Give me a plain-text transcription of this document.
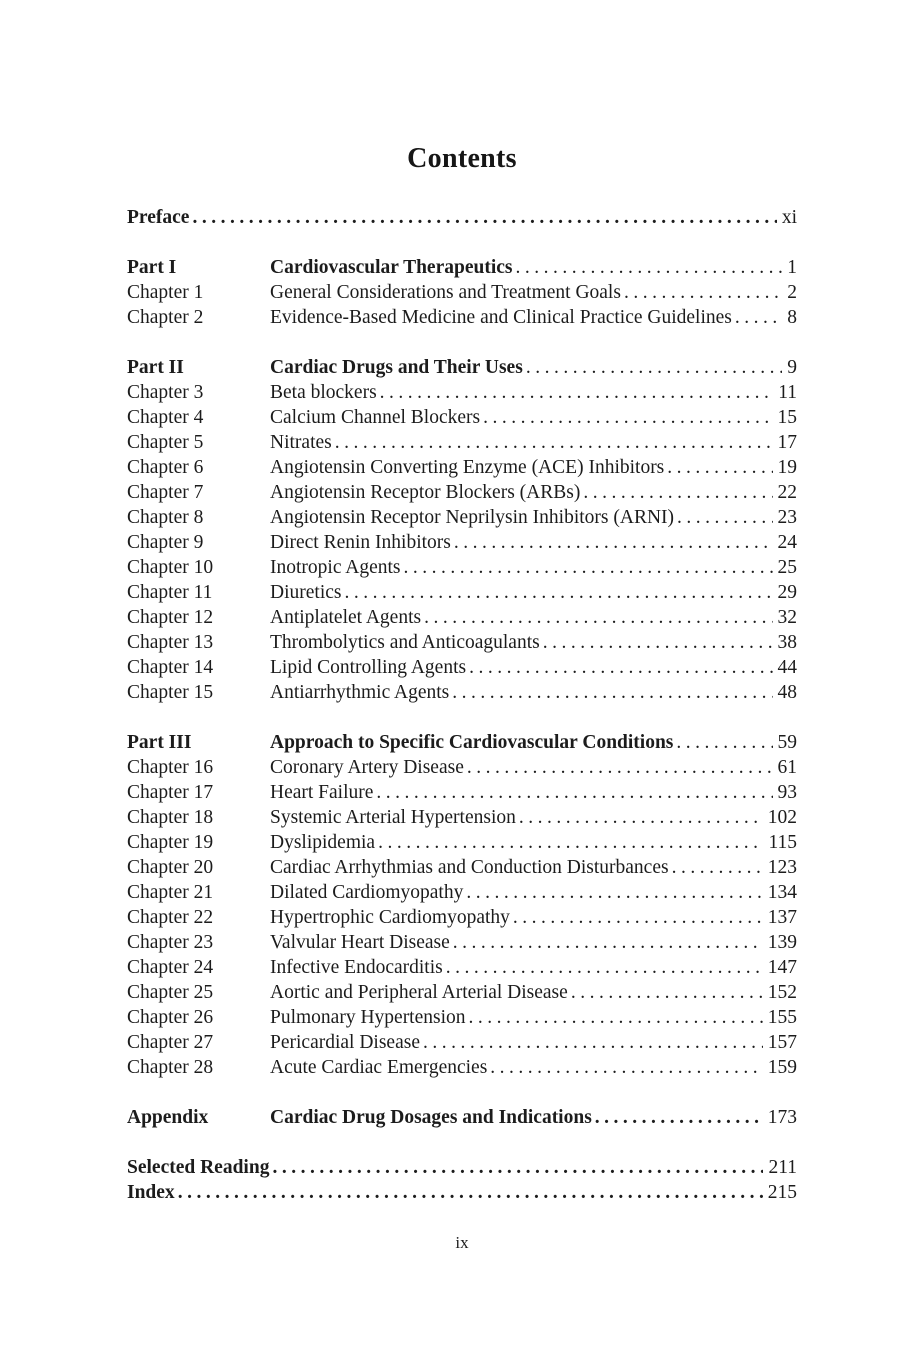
Contents
Preface .....	xi
Part I	Cardiovascular Therapeutics .....	1
Chapter 1	General Considerations and Treatment Goals .....	2
Chapter 2	Evidence-Based Medicine and Clinical Practice Guidelines .....	8
Part II	Cardiac Drugs and Their Uses .....	9
Chapter 3	Beta blockers .....	11
Chapter 4	Calcium Channel Blockers .....	15
Chapter 5	Nitrates .....	17
Chapter 6	Angiotensin Converting Enzyme (ACE) Inhibitors .....	19
Chapter 7	Angiotensin Receptor Blockers (ARBs) .....	22
Chapter 8	Angiotensin Receptor Neprilysin Inhibitors (ARNI) .....	23
Chapter 9	Direct Renin Inhibitors .....	24
Chapter 10	Inotropic Agents .....	25
Chapter 11	Diuretics .....	29
Chapter 12	Antiplatelet Agents .....	32
Chapter 13	Thrombolytics and Anticoagulants .....	38
Chapter 14	Lipid Controlling Agents .....	44
Chapter 15	Antiarrhythmic Agents .....	48
Part III	Approach to Specific Cardiovascular Conditions .....	59
Chapter 16	Coronary Artery Disease .....	61
Chapter 17	Heart Failure .....	93
Chapter 18	Systemic Arterial Hypertension .....	102
Chapter 19	Dyslipidemia .....	115
Chapter 20	Cardiac Arrhythmias and Conduction Disturbances .....	123
Chapter 21	Dilated Cardiomyopathy .....	134
Chapter 22	Hypertrophic Cardiomyopathy .....	137
Chapter 23	Valvular Heart Disease .....	139
Chapter 24	Infective Endocarditis .....	147
Chapter 25	Aortic and Peripheral Arterial Disease .....	152
Chapter 26	Pulmonary Hypertension .....	155
Chapter 27	Pericardial Disease .....	157
Chapter 28	Acute Cardiac Emergencies .....	159
Appendix	Cardiac Drug Dosages and Indications .....	173
Selected Reading .....	211
Index .....	215
ix
